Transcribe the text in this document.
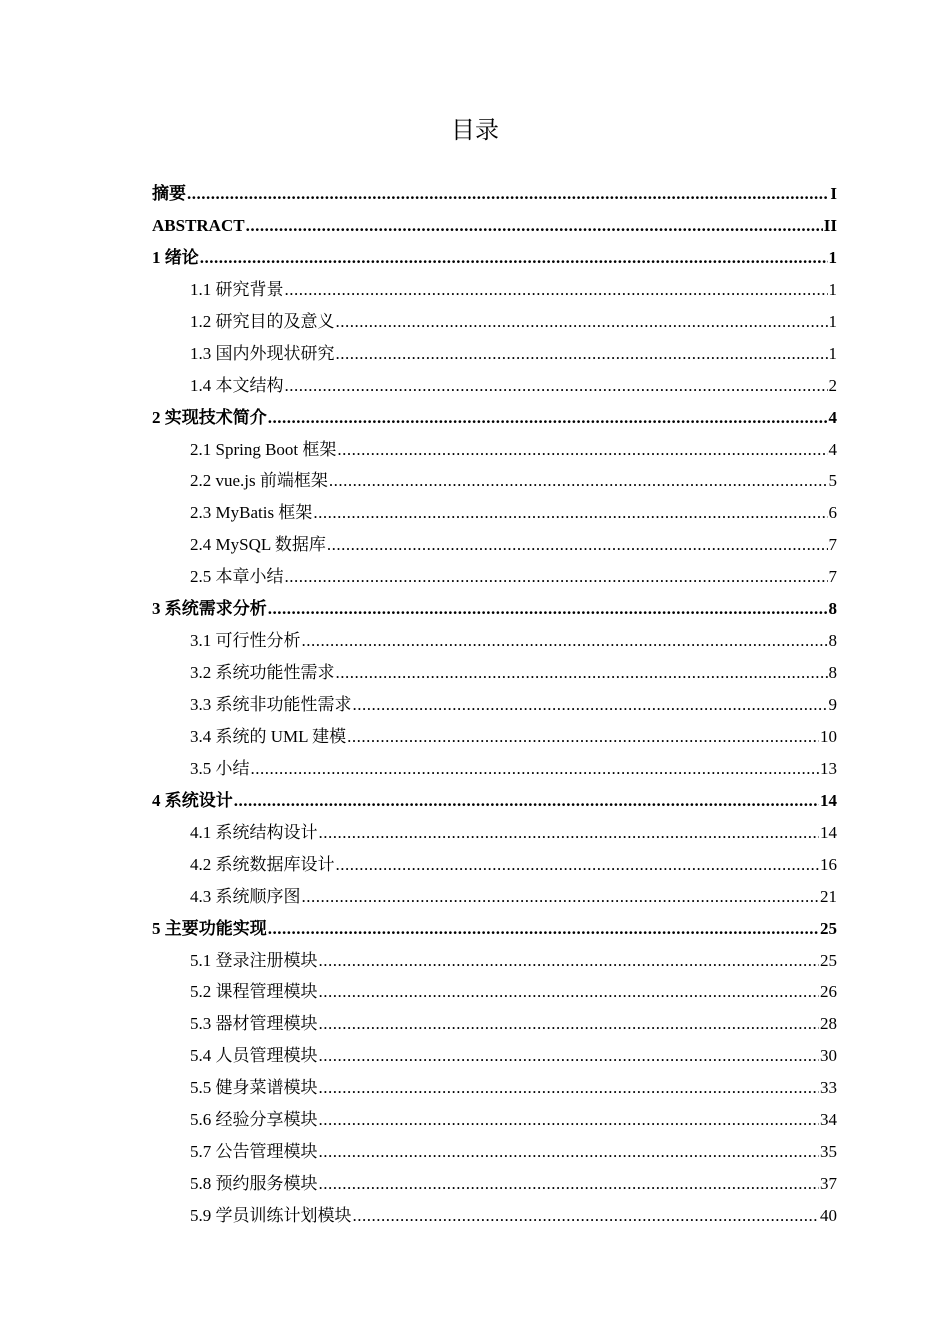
目录
摘要 .....	I
ABSTRACT .....	II
1 绪论 .....	1
1.1 研究背景 .....	1
1.2 研究目的及意义 .....	1
1.3 国内外现状研究 .....	1
1.4 本文结构 .....	2
2 实现技术简介 .....	4
2.1 Spring Boot 框架 .....	4
2.2 vue.js 前端框架 .....	5
2.3 MyBatis 框架 .....	6
2.4 MySQL 数据库 .....	7
2.5 本章小结 .....	7
3 系统需求分析 .....	8
3.1 可行性分析 .....	8
3.2 系统功能性需求 .....	8
3.3 系统非功能性需求 .....	9
3.4 系统的 UML 建模 .....	10
3.5 小结 .....	13
4 系统设计 .....	14
4.1 系统结构设计 .....	14
4.2 系统数据库设计 .....	16
4.3 系统顺序图 .....	21
5 主要功能实现 .....	25
5.1 登录注册模块 .....	25
5.2 课程管理模块 .....	26
5.3 器材管理模块 .....	28
5.4 人员管理模块 .....	30
5.5 健身菜谱模块 .....	33
5.6 经验分享模块 .....	34
5.7 公告管理模块 .....	35
5.8 预约服务模块 .....	37
5.9 学员训练计划模块 .....	40
